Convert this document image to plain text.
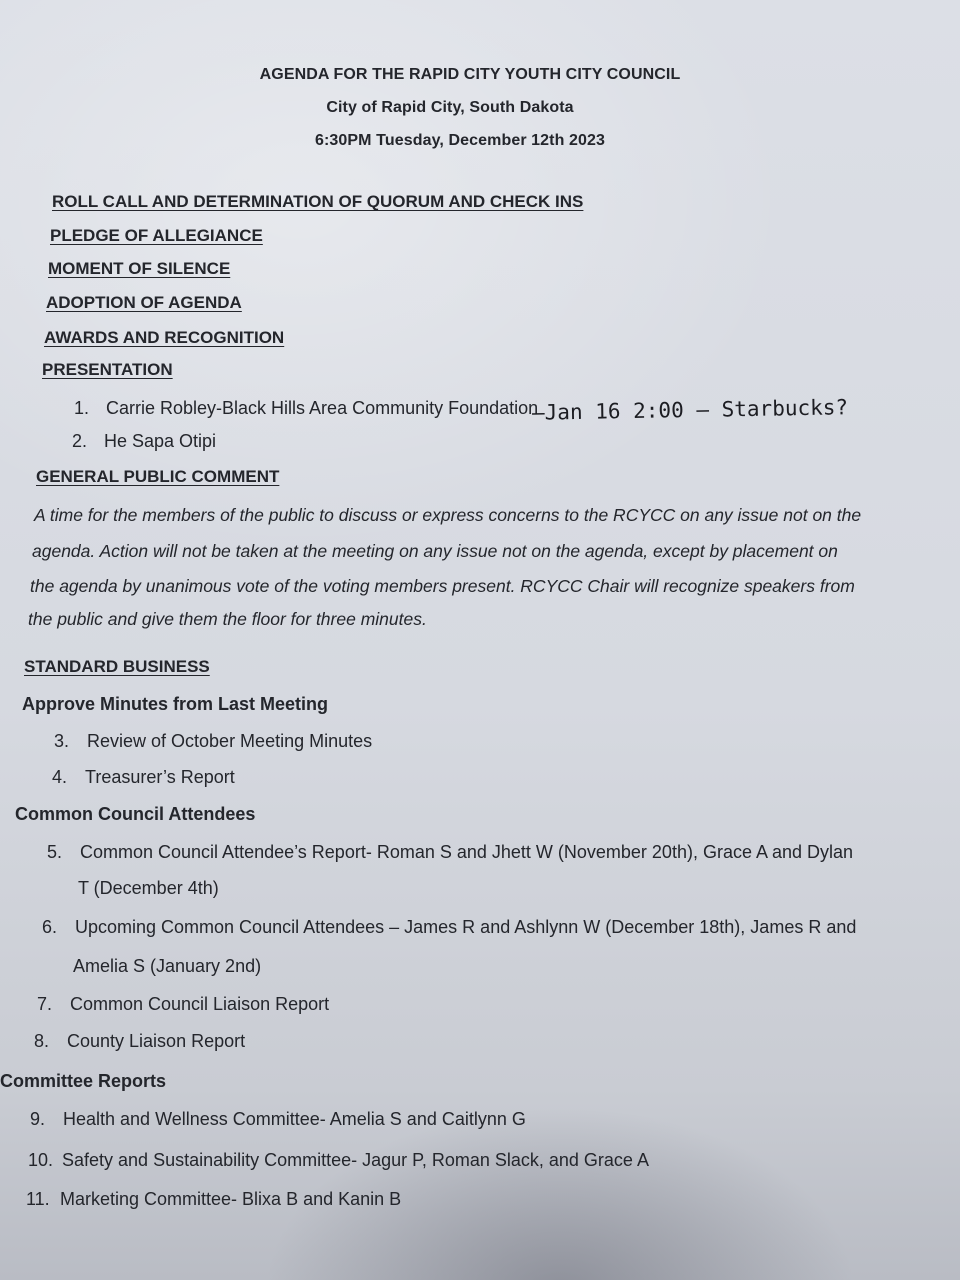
AGENDA FOR THE RAPID CITY YOUTH CITY COUNCIL
City of Rapid City, South Dakota
6:30PM Tuesday, December 12th 2023
ROLL CALL AND DETERMINATION OF QUORUM AND CHECK INS
PLEDGE OF ALLEGIANCE
MOMENT OF SILENCE
ADOPTION OF AGENDA
AWARDS AND RECOGNITION
PRESENTATION
1. Carrie Robley-Black Hills Area Community Foundation
–Jan 16 2:00 – Starbucks?
2. He Sapa Otipi
GENERAL PUBLIC COMMENT
A time for the members of the public to discuss or express concerns to the RCYCC on any issue not on the
agenda. Action will not be taken at the meeting on any issue not on the agenda, except by placement on
the agenda by unanimous vote of the voting members present. RCYCC Chair will recognize speakers from
the public and give them the floor for three minutes.
STANDARD BUSINESS
Approve Minutes from Last Meeting
3. Review of October Meeting Minutes
4. Treasurer’s Report
Common Council Attendees
5. Common Council Attendee’s Report- Roman S and Jhett W (November 20th), Grace A and Dylan
T (December 4th)
6. Upcoming Common Council Attendees – James R and Ashlynn W (December 18th), James R and
Amelia S (January 2nd)
7. Common Council Liaison Report
8. County Liaison Report
Committee Reports
9. Health and Wellness Committee- Amelia S and Caitlynn G
10. Safety and Sustainability Committee- Jagur P, Roman Slack, and Grace A
11. Marketing Committee- Blixa B and Kanin B
